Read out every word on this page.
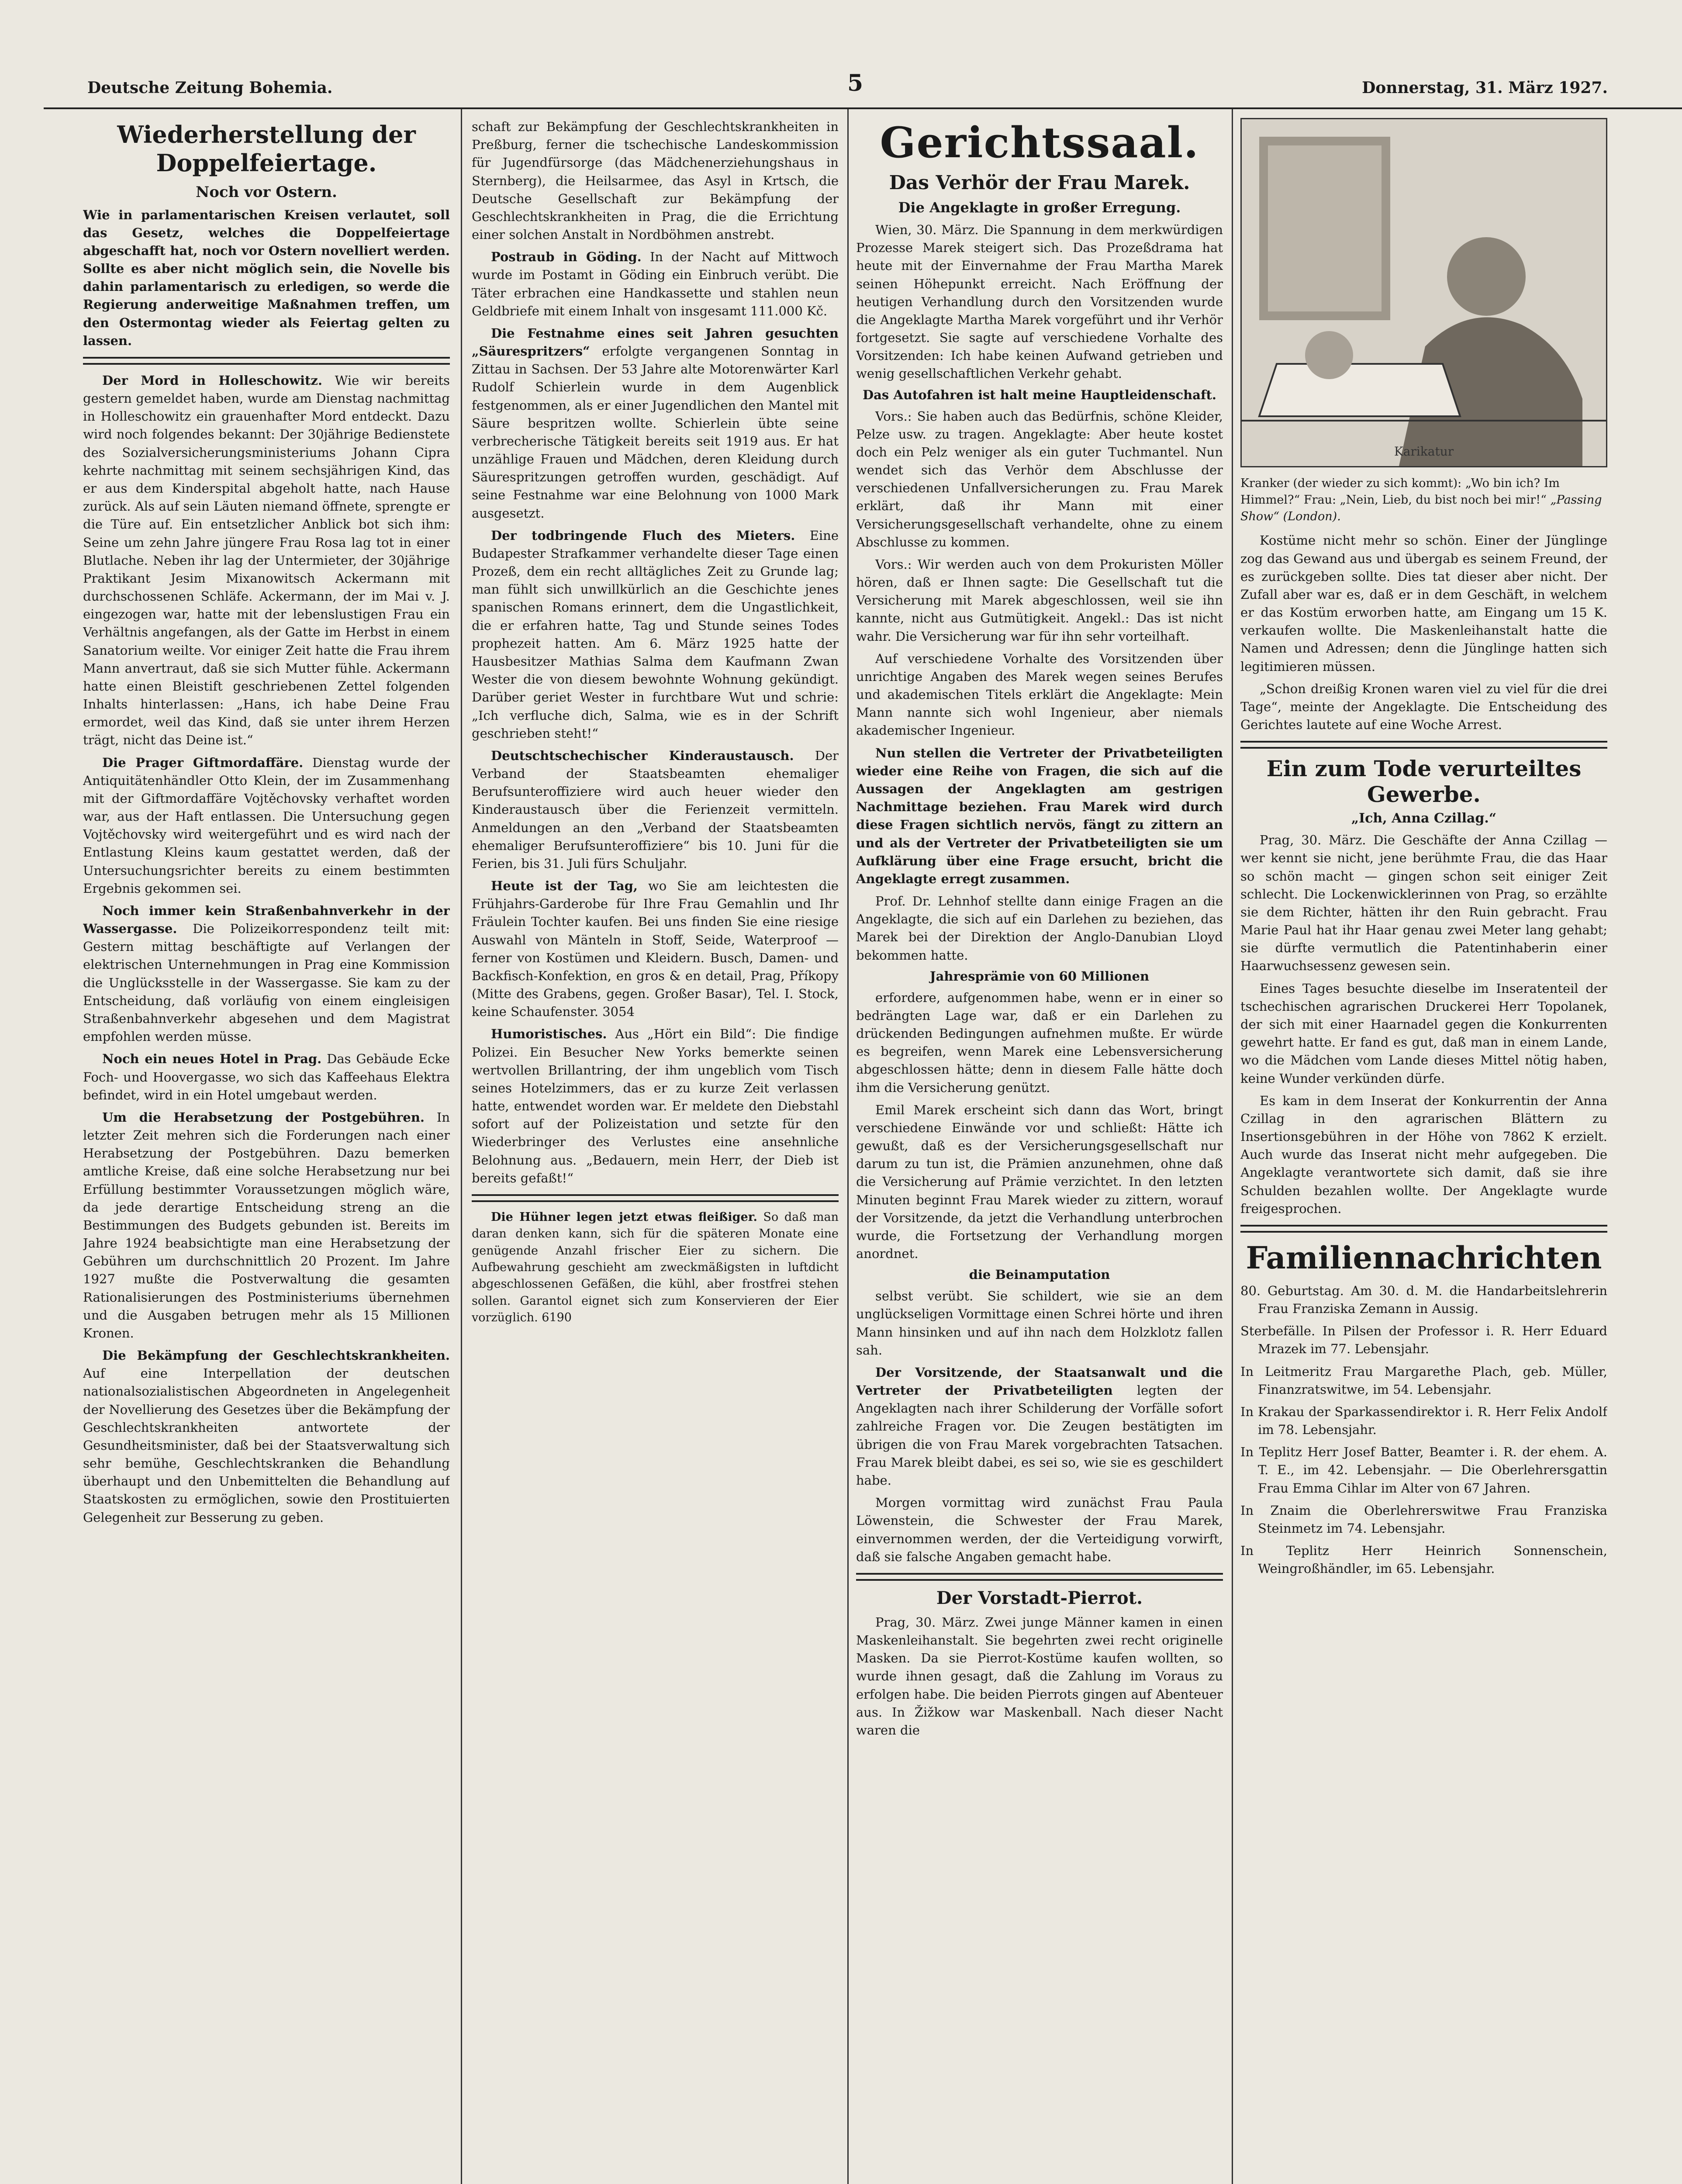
Deutsche Zeitung Bohemia.	5	Donnerstag, 31. März 1927.
Wiederherstellung der Doppelfeiertage.
Noch vor Ostern.
Wie in parlamentarischen Kreisen verlautet, soll das Gesetz, welches die Doppelfeiertage abgeschafft hat, noch vor Ostern novelliert werden. Sollte es aber nicht möglich sein, die Novelle bis dahin parlamentarisch zu erledigen, so werde die Regierung anderweitige Maßnahmen treffen, um den Ostermontag wieder als Feiertag gelten zu lassen.

Der Mord in Holleschowitz. Wie wir bereits gestern gemeldet haben, wurde am Dienstag nachmittag in Holleschowitz ein grauenhafter Mord entdeckt. Dazu wird noch folgendes bekannt: Der 30jährige Bedienstete des Sozialversicherungsministeriums Johann Cipra kehrte nachmittag mit seinem sechsjährigen Kind, das er aus dem Kinderspital abgeholt hatte, nach Hause zurück. Als auf sein Läuten niemand öffnete, sprengte er die Türe auf. Ein entsetzlicher Anblick bot sich ihm: Seine um zehn Jahre jüngere Frau Rosa lag tot in einer Blutlache. Neben ihr lag der Untermieter, der 30jährige Praktikant Jesim Mixanowitsch Ackermann mit durchschossenen Schläfe. Ackermann, der im Mai v. J. eingezogen war, hatte mit der lebenslustigen Frau ein Verhältnis angefangen, als der Gatte im Herbst in einem Sanatorium weilte. Vor einiger Zeit hatte die Frau ihrem Mann anvertraut, daß sie sich Mutter fühle. Ackermann hatte einen Bleistift geschriebenen Zettel folgenden Inhalts hinterlassen: „Hans, ich habe Deine Frau ermordet, weil das Kind, daß sie unter ihrem Herzen trägt, nicht das Deine ist.“

Die Prager Giftmordaffäre. Dienstag wurde der Antiquitätenhändler Otto Klein, der im Zusammenhang mit der Giftmordaffäre Vojtěchovsky verhaftet worden war, aus der Haft entlassen. Die Untersuchung gegen Vojtěchovsky wird weitergeführt und es wird nach der Entlastung Kleins kaum gestattet werden, daß der Untersuchungsrichter bereits zu einem bestimmten Ergebnis gekommen sei.

Noch immer kein Straßenbahnverkehr in der Wassergasse. Die Polizeikorrespondenz teilt mit: Gestern mittag beschäftigte auf Verlangen der elektrischen Unternehmungen in Prag eine Kommission die Unglücksstelle in der Wassergasse. Sie kam zu der Entscheidung, daß vorläufig von einem eingleisigen Straßenbahnverkehr abgesehen und dem Magistrat empfohlen werden müsse.

Noch ein neues Hotel in Prag. Das Gebäude Ecke Foch- und Hoovergasse, wo sich das Kaffeehaus Elektra befindet, wird in ein Hotel umgebaut werden.

Um die Herabsetzung der Postgebühren. In letzter Zeit mehren sich die Forderungen nach einer Herabsetzung der Postgebühren. Dazu bemerken amtliche Kreise, daß eine solche Herabsetzung nur bei Erfüllung bestimmter Voraussetzungen möglich wäre, da jede derartige Entscheidung streng an die Bestimmungen des Budgets gebunden ist. Bereits im Jahre 1924 beabsichtigte man eine Herabsetzung der Gebühren um durchschnittlich 20 Prozent. Im Jahre 1927 mußte die Postverwaltung die gesamten Rationalisierungen des Postministeriums übernehmen und die Ausgaben betrugen mehr als 15 Millionen Kronen.

Die Bekämpfung der Geschlechtskrankheiten. Auf eine Interpellation der deutschen nationalsozialistischen Abgeordneten in Angelegenheit der Novellierung des Gesetzes über die Bekämpfung der Geschlechtskrankheiten antwortete der Gesundheitsminister, daß bei der Staatsverwaltung sich sehr bemühe, Geschlechtskranken die Behandlung überhaupt und den Unbemittelten die Behandlung auf Staatskosten zu ermöglichen, sowie den Prostituierten Gelegenheit zur Besserung zu geben.

schaft zur Bekämpfung der Geschlechtskrankheiten in Preßburg, ferner die tschechische Landeskommission für Jugendfürsorge (das Mädchenerziehungshaus in Sternberg), die Heilsarmee, das Asyl in Krtsch, die Deutsche Gesellschaft zur Bekämpfung der Geschlechtskrankheiten in Prag, die die Errichtung einer solchen Anstalt in Nordböhmen anstrebt.

Postraub in Göding. In der Nacht auf Mittwoch wurde im Postamt in Göding ein Einbruch verübt. Die Täter erbrachen eine Handkassette und stahlen neun Geldbriefe mit einem Inhalt von insgesamt 111.000 Kč.

Die Festnahme eines seit Jahren gesuchten „Säurespritzers“ erfolgte vergangenen Sonntag in Zittau in Sachsen. Der 53 Jahre alte Motorenwärter Karl Rudolf Schierlein wurde in dem Augenblick festgenommen, als er einer Jugendlichen den Mantel mit Säure bespritzen wollte. Schierlein übte seine verbrecherische Tätigkeit bereits seit 1919 aus. Er hat unzählige Frauen und Mädchen, deren Kleidung durch Säurespritzungen getroffen wurden, geschädigt. Auf seine Festnahme war eine Belohnung von 1000 Mark ausgesetzt.

Der todbringende Fluch des Mieters. Eine Budapester Strafkammer verhandelte dieser Tage einen Prozeß, dem ein recht alltägliches Zeit zu Grunde lag; man fühlt sich unwillkürlich an die Geschichte jenes spanischen Romans erinnert, dem die Ungastlichkeit, die er erfahren hatte, Tag und Stunde seines Todes prophezeit hatten. Am 6. März 1925 hatte der Hausbesitzer Mathias Salma dem Kaufmann Zwan Wester die von diesem bewohnte Wohnung gekündigt. Darüber geriet Wester in furchtbare Wut und schrie: „Ich verfluche dich, Salma, wie es in der Schrift geschrieben steht!“

Deutschtschechischer Kinderaustausch. Der Verband der Staatsbeamten ehemaliger Berufsunteroffiziere wird auch heuer wieder den Kinderaustausch über die Ferienzeit vermitteln. Anmeldungen an den „Verband der Staatsbeamten ehemaliger Berufsunteroffiziere“ bis 10. Juni für die Ferien, bis 31. Juli fürs Schuljahr.

Heute ist der Tag, wo Sie am leichtesten die Frühjahrs-Garderobe für Ihre Frau Gemahlin und Ihr Fräulein Tochter kaufen. Bei uns finden Sie eine riesige Auswahl von Mänteln in Stoff, Seide, Waterproof — ferner von Kostümen und Kleidern. Busch, Damen- und Backfisch-Konfektion, en gros & en detail, Prag, Příkopy (Mitte des Grabens, gegen. Großer Basar), Tel. I. Stock, keine Schaufenster. 3054

Humoristisches. Aus „Hört ein Bild“: Die findige Polizei. Ein Besucher New Yorks bemerkte seinen wertvollen Brillantring, der ihm ungeblich vom Tisch seines Hotelzimmers, das er zu kurze Zeit verlassen hatte, entwendet worden war. Er meldete den Diebstahl sofort auf der Polizeistation und setzte für den Wiederbringer des Verlustes eine ansehnliche Belohnung aus. „Bedauern, mein Herr, der Dieb ist bereits gefaßt!“

Die Hühner legen jetzt etwas fleißiger. So daß man daran denken kann, sich für die späteren Monate eine genügende Anzahl frischer Eier zu sichern. Die Aufbewahrung geschieht am zweckmäßigsten in luftdicht abgeschlossenen Gefäßen, die kühl, aber frostfrei stehen sollen. Garantol eignet sich zum Konservieren der Eier vorzüglich. 6190

Gerichtssaal.
Das Verhör der Frau Marek.
Die Angeklagte in großer Erregung.

Wien, 30. März. Die Spannung in dem merkwürdigen Prozesse Marek steigert sich. Das Prozeßdrama hat heute mit der Einvernahme der Frau Martha Marek seinen Höhepunkt erreicht. Nach Eröffnung der heutigen Verhandlung durch den Vorsitzenden wurde die Angeklagte Martha Marek vorgeführt und ihr Verhör fortgesetzt. Sie sagte auf verschiedene Vorhalte des Vorsitzenden: Ich habe keinen Aufwand getrieben und wenig gesellschaftlichen Verkehr gehabt.

Das Autofahren ist halt meine Hauptleidenschaft.

Vors.: Sie haben auch das Bedürfnis, schöne Kleider, Pelze usw. zu tragen. Angeklagte: Aber heute kostet doch ein Pelz weniger als ein guter Tuchmantel. Nun wendet sich das Verhör dem Abschlusse der verschiedenen Unfallversicherungen zu. Frau Marek erklärt, daß ihr Mann mit einer Versicherungsgesellschaft verhandelte, ohne zu einem Abschlusse zu kommen.

Vors.: Wir werden auch von dem Prokuristen Möller hören, daß er Ihnen sagte: Die Gesellschaft tut die Versicherung mit Marek abgeschlossen, weil sie ihn kannte, nicht aus Gutmütigkeit. Angekl.: Das ist nicht wahr. Die Versicherung war für ihn sehr vorteilhaft.

Auf verschiedene Vorhalte des Vorsitzenden über unrichtige Angaben des Marek wegen seines Berufes und akademischen Titels erklärt die Angeklagte: Mein Mann nannte sich wohl Ingenieur, aber niemals akademischer Ingenieur.

Nun stellen die Vertreter der Privatbeteiligten wieder eine Reihe von Fragen, die sich auf die Aussagen der Angeklagten am gestrigen Nachmittage beziehen. Frau Marek wird durch diese Fragen sichtlich nervös, fängt zu zittern an und als der Vertreter der Privatbeteiligten sie um Aufklärung über eine Frage ersucht, bricht die Angeklagte erregt zusammen.

Prof. Dr. Lehnhof stellte dann einige Fragen an die Angeklagte, die sich auf ein Darlehen zu beziehen, das Marek bei der Direktion der Anglo-Danubian Lloyd bekommen hatte.

Jahresprämie von 60 Millionen

erfordere, aufgenommen habe, wenn er in einer so bedrängten Lage war, daß er ein Darlehen zu drückenden Bedingungen aufnehmen mußte. Er würde es begreifen, wenn Marek eine Lebensversicherung abgeschlossen hätte; denn in diesem Falle hätte doch ihm die Versicherung genützt.

Emil Marek erscheint sich dann das Wort, bringt verschiedene Einwände vor und schließt: Hätte ich gewußt, daß es der Versicherungsgesellschaft nur darum zu tun ist, die Prämien anzunehmen, ohne daß die Versicherung auf Prämie verzichtet. In den letzten Minuten beginnt Frau Marek wieder zu zittern, worauf der Vorsitzende, da jetzt die Verhandlung unterbrochen wurde, die Fortsetzung der Verhandlung morgen anordnet.

die Beinamputation

selbst verübt. Sie schildert, wie sie an dem unglückseligen Vormittage einen Schrei hörte und ihren Mann hinsinken und auf ihn nach dem Holzklotz fallen sah.

Der Vorsitzende, der Staatsanwalt und die Vertreter der Privatbeteiligten legten der Angeklagten nach ihrer Schilderung der Vorfälle sofort zahlreiche Fragen vor. Die Zeugen bestätigten im übrigen die von Frau Marek vorgebrachten Tatsachen. Frau Marek bleibt dabei, es sei so, wie sie es geschildert habe.

Morgen vormittag wird zunächst Frau Paula Löwenstein, die Schwester der Frau Marek, einvernommen werden, der die Verteidigung vorwirft, daß sie falsche Angaben gemacht habe.

Der Vorstadt-Pierrot.

Prag, 30. März. Zwei junge Männer kamen in einen Maskenleihanstalt. Sie begehrten zwei recht originelle Masken. Da sie Pierrot-Kostüme kaufen wollten, so wurde ihnen gesagt, daß die Zahlung im Voraus zu erfolgen habe. Die beiden Pierrots gingen auf Abenteuer aus. In Žižkow war Maskenball. Nach dieser Nacht waren die

Karikatur
Kranker (der wieder zu sich kommt): „Wo bin ich? Im Himmel?“ Frau: „Nein, Lieb, du bist noch bei mir!“ „Passing Show“ (London).

Kostüme nicht mehr so schön. Einer der Jünglinge zog das Gewand aus und übergab es seinem Freund, der es zurückgeben sollte. Dies tat dieser aber nicht. Der Zufall aber war es, daß er in dem Geschäft, in welchem er das Kostüm erworben hatte, am Eingang um 15 K. verkaufen wollte. Die Maskenleihanstalt hatte die Namen und Adressen; denn die Jünglinge hatten sich legitimieren müssen.

„Schon dreißig Kronen waren viel zu viel für die drei Tage“, meinte der Angeklagte. Die Entscheidung des Gerichtes lautete auf eine Woche Arrest.

Ein zum Tode verurteiltes Gewerbe.
„Ich, Anna Czillag.“

Prag, 30. März. Die Geschäfte der Anna Czillag — wer kennt sie nicht, jene berühmte Frau, die das Haar so schön macht — gingen schon seit einiger Zeit schlecht. Die Lockenwicklerinnen von Prag, so erzählte sie dem Richter, hätten ihr den Ruin gebracht. Frau Marie Paul hat ihr Haar genau zwei Meter lang gehabt; sie dürfte vermutlich die Patentinhaberin einer Haarwuchsessenz gewesen sein.

Eines Tages besuchte dieselbe im Inseratenteil der tschechischen agrarischen Druckerei Herr Topolanek, der sich mit einer Haarnadel gegen die Konkurrenten gewehrt hatte. Er fand es gut, daß man in einem Lande, wo die Mädchen vom Lande dieses Mittel nötig haben, keine Wunder verkünden dürfe.

Es kam in dem Inserat der Konkurrentin der Anna Czillag in den agrarischen Blättern zu Insertionsgebühren in der Höhe von 7862 K erzielt. Auch wurde das Inserat nicht mehr aufgegeben. Die Angeklagte verantwortete sich damit, daß sie ihre Schulden bezahlen wollte. Der Angeklagte wurde freigesprochen.

Familiennachrichten

80. Geburtstag. Am 30. d. M. die Handarbeitslehrerin Frau Franziska Zemann in Aussig.

Sterbefälle. In Pilsen der Professor i. R. Herr Eduard Mrazek im 77. Lebensjahr.

In Leitmeritz Frau Margarethe Plach, geb. Müller, Finanzratswitwe, im 54. Lebensjahr.

In Krakau der Sparkassendirektor i. R. Herr Felix Andolf im 78. Lebensjahr.

In Teplitz Herr Josef Batter, Beamter i. R. der ehem. A. T. E., im 42. Lebensjahr. — Die Oberlehrersgattin Frau Emma Cihlar im Alter von 67 Jahren.

In Znaim die Oberlehrerswitwe Frau Franziska Steinmetz im 74. Lebensjahr.

In Teplitz Herr Heinrich Sonnenschein, Weingroßhändler, im 65. Lebensjahr.
